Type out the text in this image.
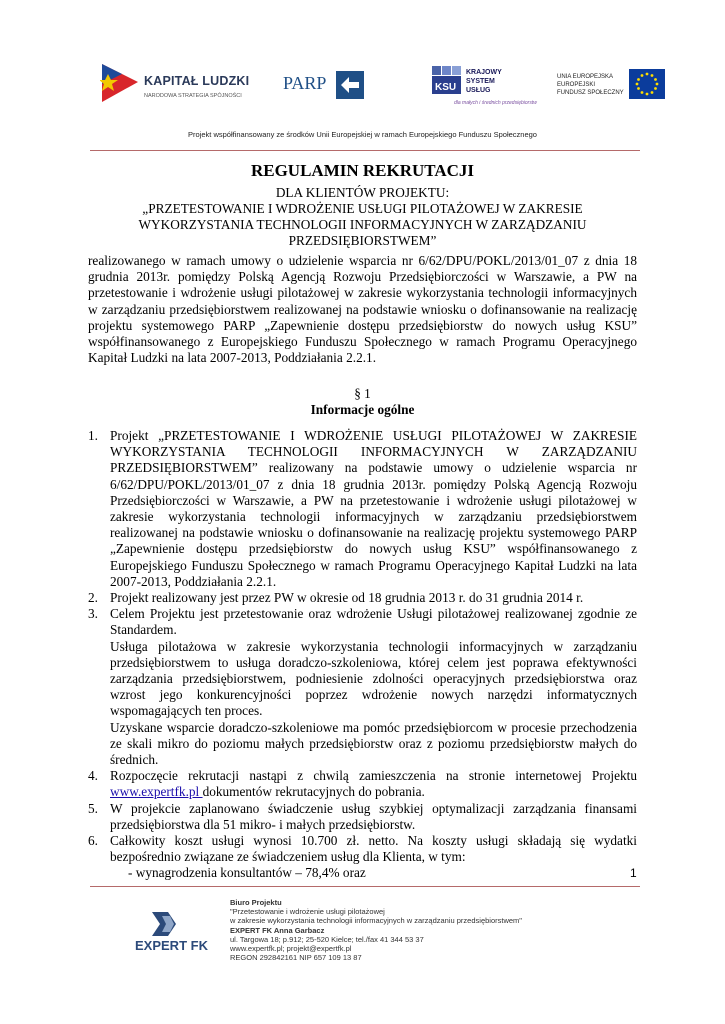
KAPITAŁ LUDZKI
NARODOWA STRATEGIA SPÓJNOŚCI
PARP	KSU
KRAJOWY
SYSTEM
USŁUG
dla małych i średnich przedsiębiorstw
UNIA EUROPEJSKA
EUROPEJSKI
FUNDUSZ SPOŁECZNY
Projekt współfinansowany ze środków Unii Europejskiej w ramach Europejskiego Funduszu Społecznego
REGULAMIN REKRUTACJI
DLA KLIENTÓW PROJEKTU:
„PRZETESTOWANIE I WDROŻENIE USŁUGI PILOTAŻOWEJ W ZAKRESIE WYKORZYSTANIA TECHNOLOGII INFORMACYJNYCH W ZARZĄDZANIU PRZEDSIĘBIORSTWEM”
realizowanego w ramach umowy o udzielenie wsparcia nr 6/62/DPU/POKL/2013/01_07 z dnia 18 grudnia 2013r. pomiędzy Polską Agencją Rozwoju Przedsiębiorczości w Warszawie, a PW na przetestowanie i wdrożenie usługi pilotażowej w zakresie wykorzystania technologii informacyjnych w zarządzaniu przedsiębiorstwem realizowanej na podstawie wniosku o dofinansowanie na realizację projektu systemowego PARP „Zapewnienie dostępu przedsiębiorstw do nowych usług KSU” współfinansowanego z Europejskiego Funduszu Społecznego w ramach Programu Operacyjnego Kapitał Ludzki na lata 2007-2013, Poddziałania 2.2.1.
§ 1
Informacje ogólne
1. Projekt „PRZETESTOWANIE I WDROŻENIE USŁUGI PILOTAŻOWEJ W ZAKRESIE WYKORZYSTANIA TECHNOLOGII INFORMACYJNYCH W ZARZĄDZANIU PRZEDSIĘBIORSTWEM” realizowany na podstawie umowy o udzielenie wsparcia nr 6/62/DPU/POKL/2013/01_07 z dnia 18 grudnia 2013r. pomiędzy Polską Agencją Rozwoju Przedsiębiorczości w Warszawie, a PW na przetestowanie i wdrożenie usługi pilotażowej w zakresie wykorzystania technologii informacyjnych w zarządzaniu przedsiębiorstwem realizowanej na podstawie wniosku o dofinansowanie na realizację projektu systemowego PARP „Zapewnienie dostępu przedsiębiorstw do nowych usług KSU” współfinansowanego z Europejskiego Funduszu Społecznego w ramach Programu Operacyjnego Kapitał Ludzki na lata 2007-2013, Poddziałania 2.2.1.
2. Projekt realizowany jest przez PW w okresie od 18 grudnia 2013 r. do 31 grudnia 2014 r.
3. Celem Projektu jest przetestowanie oraz wdrożenie Usługi pilotażowej realizowanej zgodnie ze Standardem.

Usługa pilotażowa w zakresie wykorzystania technologii informacyjnych w zarządzaniu przedsiębiorstwem to usługa doradczo-szkoleniowa, której celem jest poprawa efektywności zarządzania przedsiębiorstwem, podniesienie zdolności operacyjnych przedsiębiorstwa oraz wzrost jego konkurencyjności poprzez wdrożenie nowych narzędzi informatycznych wspomagających ten proces.

Uzyskane wsparcie doradczo-szkoleniowe ma pomóc przedsiębiorcom w procesie przechodzenia ze skali mikro do poziomu małych przedsiębiorstw oraz z poziomu przedsiębiorstw małych do średnich.

4. Rozpoczęcie rekrutacji nastąpi z chwilą zamieszczenia na stronie internetowej Projektu www.expertfk.pl dokumentów rekrutacyjnych do pobrania.
5. W projekcie zaplanowano świadczenie usług szybkiej optymalizacji zarządzania finansami przedsiębiorstwa dla 51 mikro- i małych przedsiębiorstw.
6. Całkowity koszt usługi wynosi 10.700 zł. netto. Na koszty usługi składają się wydatki bezpośrednio związane ze świadczeniem usług dla Klienta, w tym:

- wynagrodzenia konsultantów – 78,4% oraz	1
EXPERT FK
Biuro Projektu
"Przetestowanie i wdrożenie usługi pilotażowej
w zakresie wykorzystania technologii informacyjnych w zarządzaniu przedsiębiorstwem"
EXPERT FK Anna Garbacz
ul. Targowa 18; p.912; 25-520 Kielce; tel./fax 41 344 53 37
www.expertfk.pl; projekt@expertfk.pl
REGON 292842161 NIP 657 109 13 87
